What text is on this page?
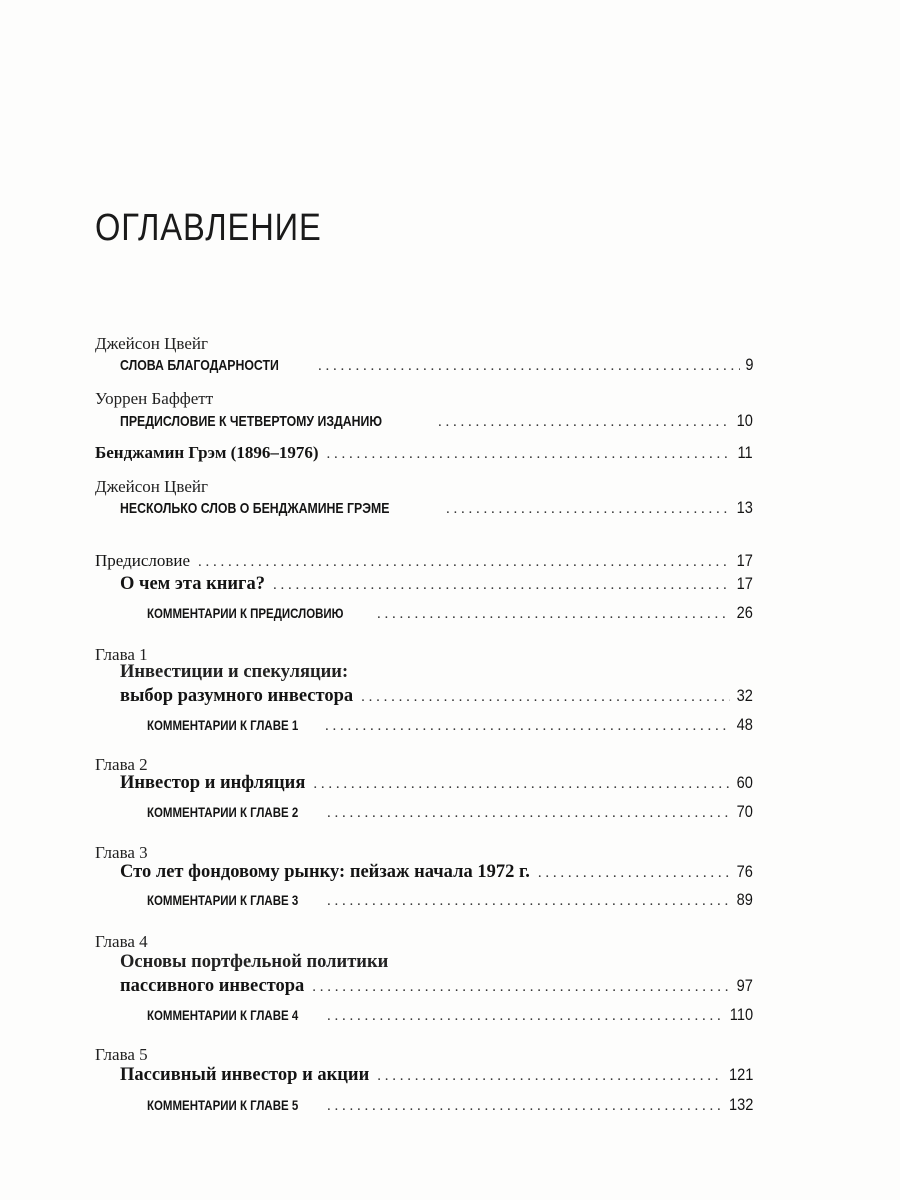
ОГЛАВЛЕНИЕ
Джейсон Цвейг
СЛОВА БЛАГОДАРНОСТИ . . .	9
Уоррен Баффетт
ПРЕДИСЛОВИЕ К ЧЕТВЕРТОМУ ИЗДАНИЮ . . .	10
Бенджамин Грэм (1896–1976) . . .	11
Джейсон Цвейг
НЕСКОЛЬКО СЛОВ О БЕНДЖАМИНЕ ГРЭМЕ . . .	13
Предисловие . . .	17
О чем эта книга? . . .	17
КОММЕНТАРИИ К ПРЕДИСЛОВИЮ . . .	26
Глава 1
Инвестиции и спекуляции:
выбор разумного инвестора . . .	32
КОММЕНТАРИИ К ГЛАВЕ 1 . . .	48
Глава 2
Инвестор и инфляция . . .	60
КОММЕНТАРИИ К ГЛАВЕ 2 . . .	70
Глава 3
Сто лет фондовому рынку: пейзаж начала 1972 г. . . .	76
КОММЕНТАРИИ К ГЛАВЕ 3 . . .	89
Глава 4
Основы портфельной политики
пассивного инвестора . . .	97
КОММЕНТАРИИ К ГЛАВЕ 4 . . .	110
Глава 5
Пассивный инвестор и акции . . .	121
КОММЕНТАРИИ К ГЛАВЕ 5 . . .	132
